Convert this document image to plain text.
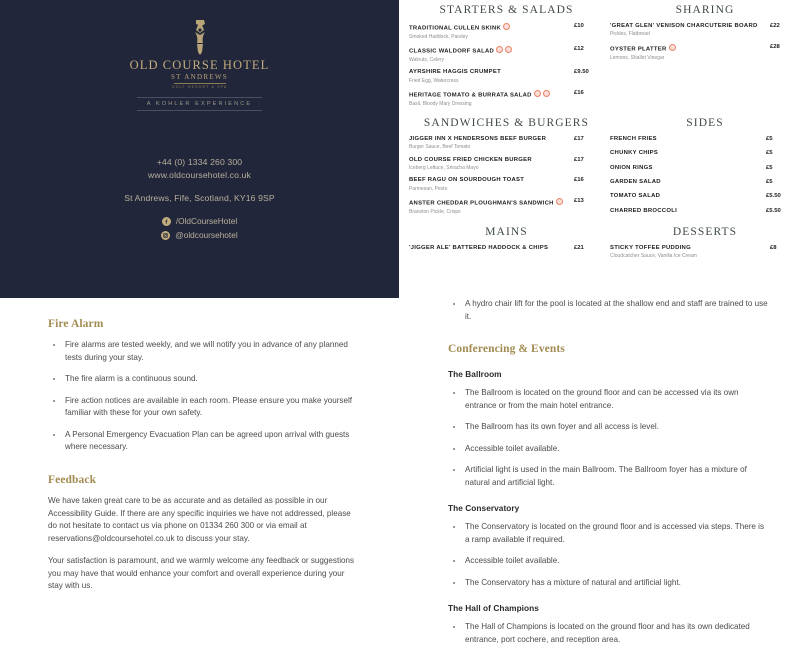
OLD COURSE HOTEL
ST ANDREWS
GOLF RESORT & SPA
A KOHLER EXPERIENCE
+44 (0) 1334 260 300
www.oldcoursehotel.co.uk
St Andrews, Fife, Scotland, KY16 9SP
/OldCourseHotel
@oldcoursehotel
STARTERS & SALADS
TRADITIONAL CULLEN SKINK
Smoked Haddock, Parsley
£10
CLASSIC WALDORF SALAD
Walnuts, Celery
£12
AYRSHIRE HAGGIS CRUMPET
Fried Egg, Watercress
£9.50
HERITAGE TOMATO & BURRATA SALAD
Basil, Bloody Mary Dressing
£16
SHARING
'GREAT GLEN' VENISON CHARCUTERIE BOARD
Pickles, Flatbread
£22
OYSTER PLATTER
Lemons, Shallot Vinegar
£28
SANDWICHES & BURGERS
JIGGER INN X HENDERSONS BEEF BURGER
Burger Sauce, Beef Tomato
£17
OLD COURSE FRIED CHICKEN BURGER
Iceberg Lettuce, Sriracha Mayo
£17
BEEF RAGU ON SOURDOUGH TOAST
Parmesan, Pesto
£16
ANSTER CHEDDAR PLOUGHMAN'S SANDWICH
Branston Pickle, Crisps
£13
SIDES
FRENCH FRIES	£5
CHUNKY CHIPS	£5
ONION RINGS	£5
GARDEN SALAD	£5
TOMATO SALAD	£5.50
CHARRED BROCCOLI	£5.50
MAINS
'JIGGER ALE' BATTERED HADDOCK & CHIPS	£21
DESSERTS
STICKY TOFFEE PUDDING
Cloudcatcher Sauce, Vanilla Ice Cream
£8
Fire Alarm
Fire alarms are tested weekly, and we will notify you in advance of any planned tests during your stay.
The fire alarm is a continuous sound.
Fire action notices are available in each room. Please ensure you make yourself familiar with these for your own safety.
A Personal Emergency Evacuation Plan can be agreed upon arrival with guests where necessary.
Feedback

We have taken great care to be as accurate and as detailed as possible in our Accessibility Guide. If there are any specific inquiries we have not addressed, please do not hesitate to contact us via phone on 01334 260 300 or via email at reservations@oldcoursehotel.co.uk to discuss your stay.

Your satisfaction is paramount, and we warmly welcome any feedback or suggestions you may have that would enhance your comfort and overall experience during your stay with us.

A hydro chair lift for the pool is located at the shallow end and staff are trained to use it.
Conferencing & Events
The Ballroom
The Ballroom is located on the ground floor and can be accessed via its own entrance or from the main hotel entrance.
The Ballroom has its own foyer and all access is level.
Accessible toilet available.
Artificial light is used in the main Ballroom. The Ballroom foyer has a mixture of natural and artificial light.
The Conservatory
The Conservatory is located on the ground floor and is accessed via steps. There is a ramp available if required.
Accessible toilet available.
The Conservatory has a mixture of natural and artificial light.
The Hall of Champions
The Hall of Champions is located on the ground floor and has its own dedicated entrance, port cochere, and reception area.
